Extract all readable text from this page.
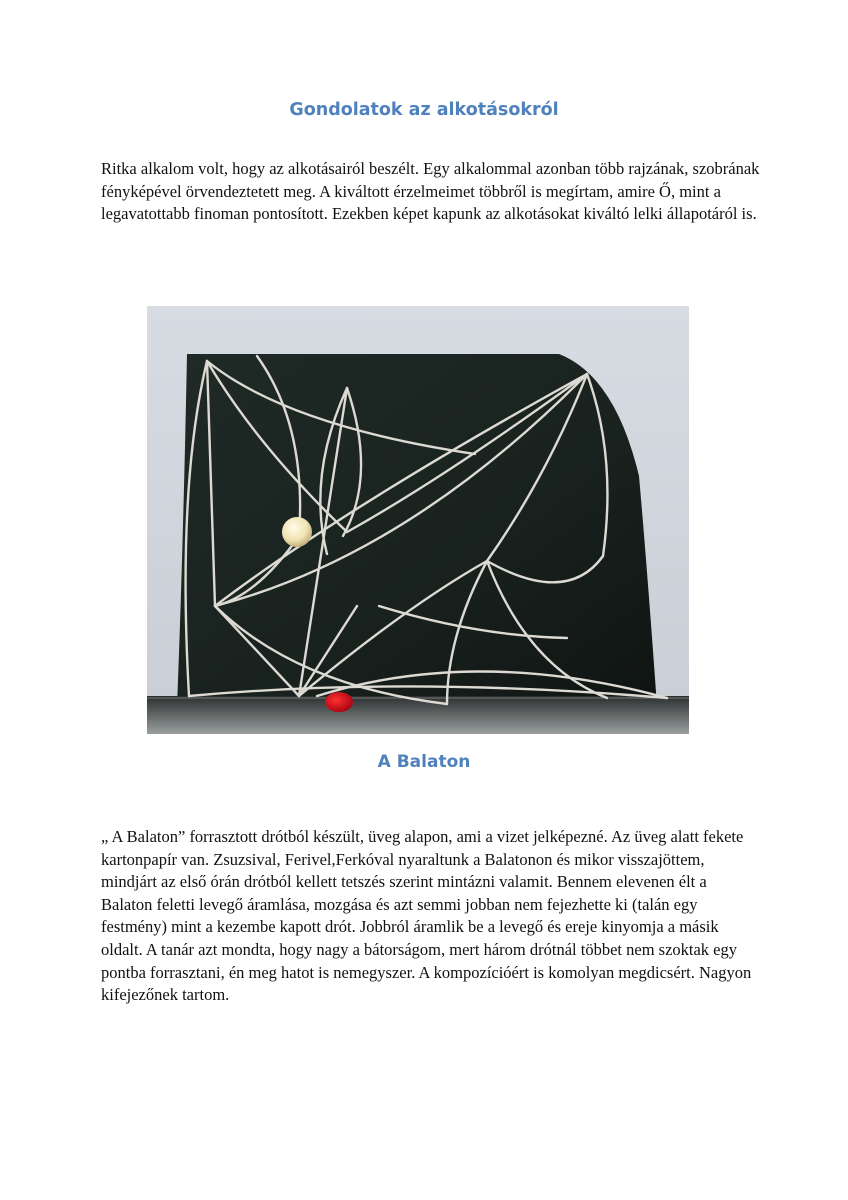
Gondolatok az alkotásokról

Ritka alkalom volt, hogy az alkotásairól beszélt. Egy alkalommal azonban több rajzának, szobrának fényképével örvendeztetett meg. A kiváltott érzelmeimet többről is megírtam, amire Ő, mint a legavatottabb finoman pontosított. Ezekben képet kapunk az alkotásokat kiváltó lelki állapotáról is.

A Balaton

„ A Balaton” forrasztott drótból készült, üveg alapon, ami a vizet jelképezné. Az üveg alatt fekete kartonpapír van. Zsuzsival, Ferivel,Ferkóval nyaraltunk a Balatonon és mikor visszajöttem, mindjárt az első órán drótból kellett tetszés szerint mintázni valamit. Bennem elevenen élt a Balaton feletti levegő áramlása, mozgása és azt semmi jobban nem fejezhette ki (talán egy festmény) mint a kezembe kapott drót. Jobbról áramlik be a levegő és ereje kinyomja a másik oldalt. A tanár azt mondta, hogy nagy a bátorságom, mert három drótnál többet nem szoktak egy pontba forrasztani, én meg hatot is nemegyszer. A kompozícióért is komolyan megdicsért. Nagyon kifejezőnek tartom.
